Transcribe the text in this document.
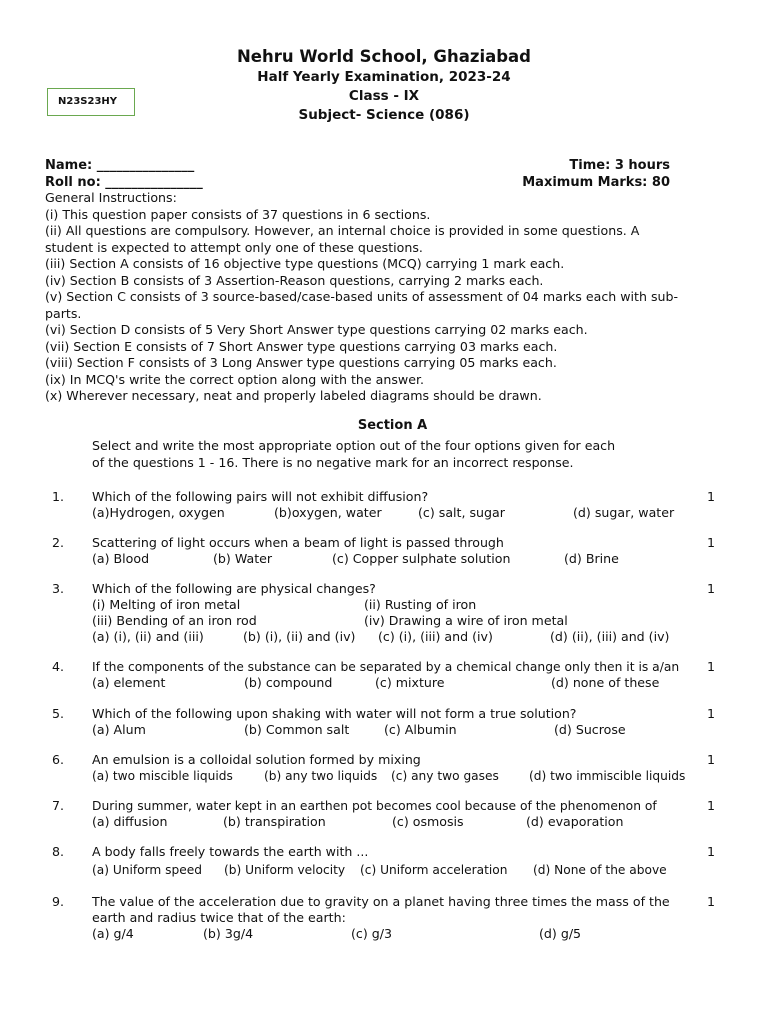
Nehru World School, Ghaziabad
Half Yearly Examination, 2023-24
Class - IX
Subject- Science (086)
N23S23HY
Name: _______________	Time: 3 hours
Roll no: _______________	Maximum Marks: 80
General Instructions:
(i) This question paper consists of 37 questions in 6 sections.
(ii) All questions are compulsory. However, an internal choice is provided in some questions. A student is expected to attempt only one of these questions.
(iii) Section A consists of 16 objective type questions (MCQ) carrying 1 mark each.
(iv) Section B consists of 3 Assertion-Reason questions, carrying 2 marks each.
(v) Section C consists of 3 source-based/case-based units of assessment of 04 marks each with sub-parts.
(vi) Section D consists of 5 Very Short Answer type questions carrying 02 marks each.
(vii) Section E consists of 7 Short Answer type questions carrying 03 marks each.
(viii) Section F consists of 3 Long Answer type questions carrying 05 marks each.
(ix) In MCQ's write the correct option along with the answer.
(x) Wherever necessary, neat and properly labeled diagrams should be drawn.
Section A
Select and write the most appropriate option out of the four options given for each
of the questions 1 - 16. There is no negative mark for an incorrect response.
1.	1
Which of the following pairs will not exhibit diffusion?
(a)Hydrogen, oxygen	(b)oxygen, water	(c) salt, sugar	(d) sugar, water
2.	1
Scattering of light occurs when a beam of light is passed through
(a) Blood	(b) Water	(c) Copper sulphate solution	(d) Brine
3.	1
Which of the following are physical changes?
(i) Melting of iron metal	(ii) Rusting of iron
(iii) Bending of an iron rod	(iv) Drawing a wire of iron metal
(a) (i), (ii) and (iii)	(b) (i), (ii) and (iv) (c) (i), (iii) and (iv)	(d) (ii), (iii) and (iv)
4.	1
If the components of the substance can be separated by a chemical change only then it is a/an
(a) element	(b) compound	(c) mixture	(d) none of these
5.	1
Which of the following upon shaking with water will not form a true solution?
(a) Alum	(b) Common salt	(c) Albumin	(d) Sucrose
6.	1
An emulsion is a colloidal solution formed by mixing
(a) two miscible liquids	(b) any two liquids (c) any two gases (d) two immiscible liquids
7.	1
During summer, water kept in an earthen pot becomes cool because of the phenomenon of
(a) diffusion	(b) transpiration	(c) osmosis	(d) evaporation
8.	1
A body falls freely towards the earth with ...
(a) Uniform speed (b) Uniform velocity (c) Uniform acceleration (d) None of the above
9.	1
The value of the acceleration due to gravity on a planet having three times the mass of the
earth and radius twice that of the earth:
(a) g/4	(b) 3g/4	(c) g/3	(d) g/5
